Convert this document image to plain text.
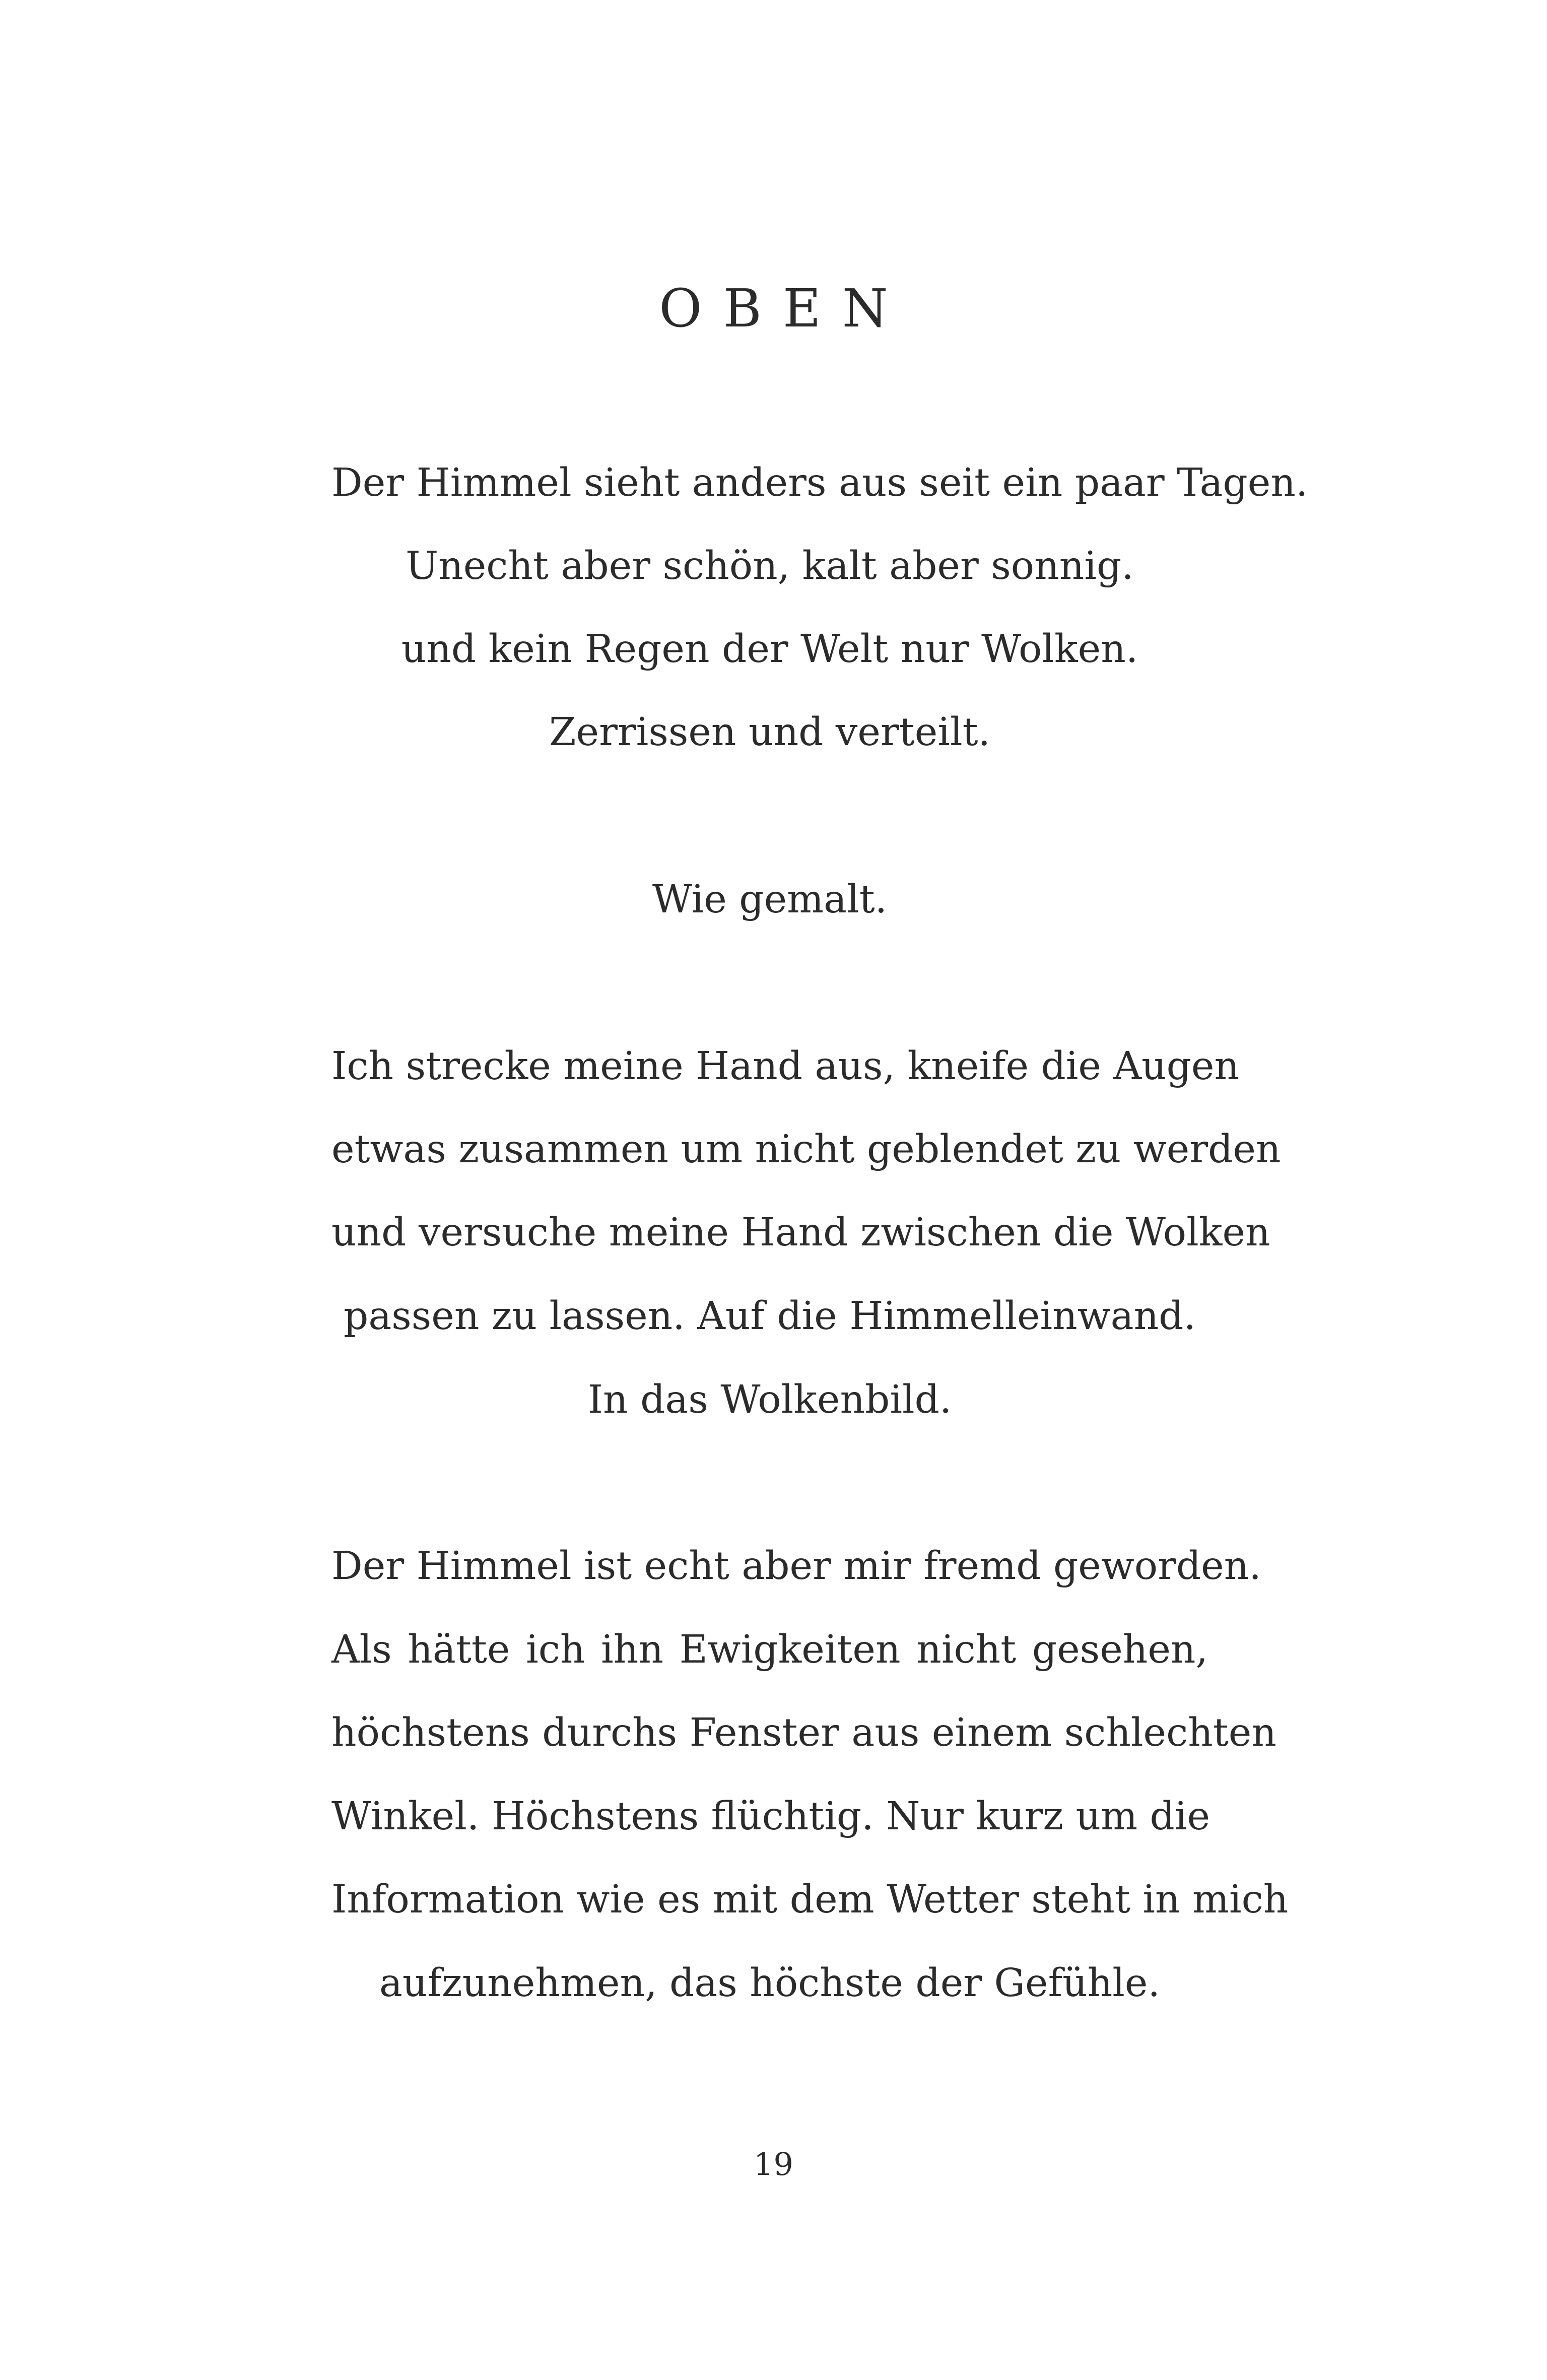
OBEN
Der Himmel sieht anders aus seit ein paar Tagen.
Unecht aber schön, kalt aber sonnig.
und kein Regen der Welt nur Wolken.
Zerrissen und verteilt.
Wie gemalt.
Ich strecke meine Hand aus, kneife die Augen
etwas zusammen um nicht geblendet zu werden
und versuche meine Hand zwischen die Wolken
passen zu lassen. Auf die Himmelleinwand.
In das Wolkenbild.
Der Himmel ist echt aber mir fremd geworden.
Als hätte ich ihn Ewigkeiten nicht gesehen,
höchstens durchs Fenster aus einem schlechten
Winkel. Höchstens flüchtig. Nur kurz um die
Information wie es mit dem Wetter steht in mich
aufzunehmen, das höchste der Gefühle.
19
